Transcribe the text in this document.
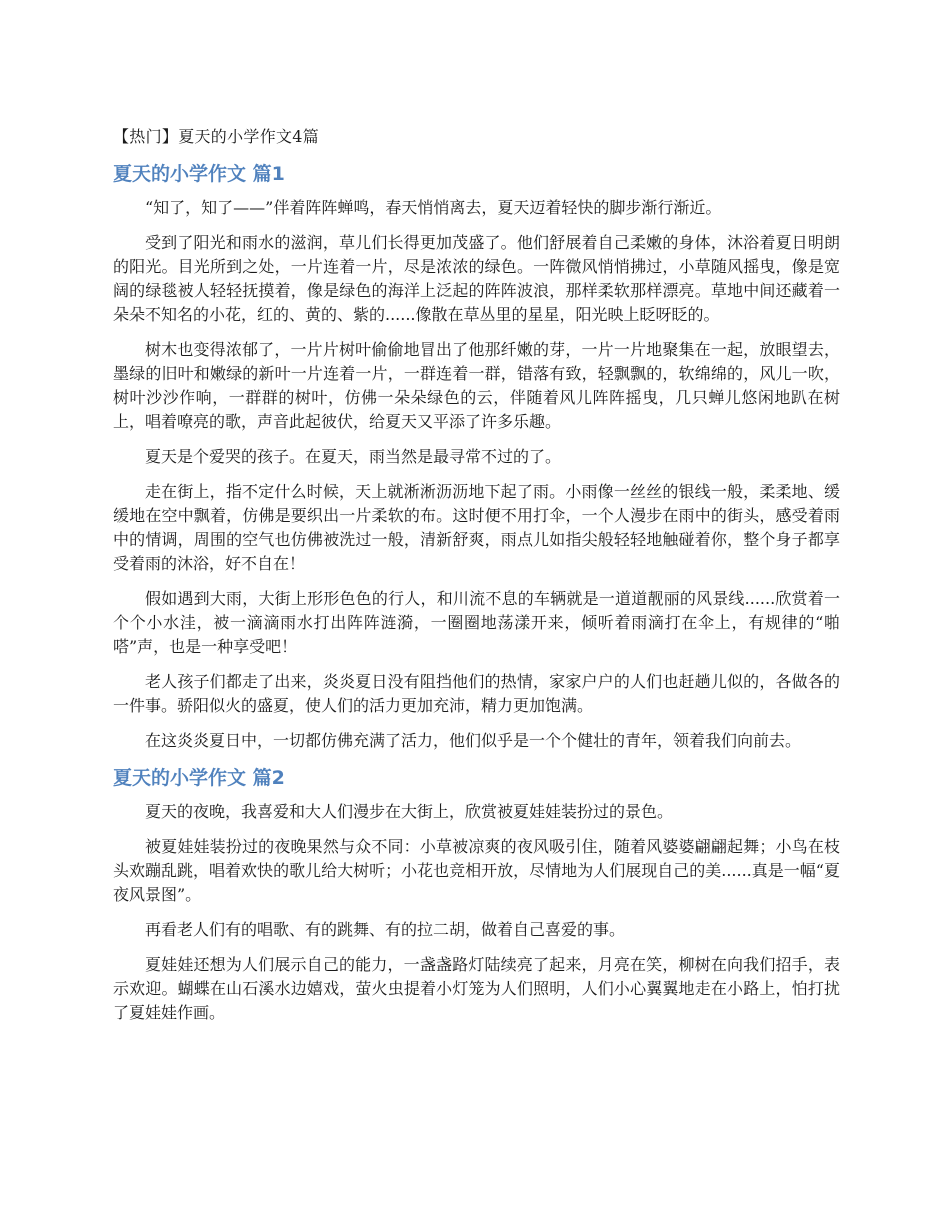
【热门】夏天的小学作文4篇
夏天的小学作文 篇1

“知了，知了——”伴着阵阵蝉鸣，春天悄悄离去，夏天迈着轻快的脚步渐行渐近。

受到了阳光和雨水的滋润，草儿们长得更加茂盛了。他们舒展着自己柔嫩的身体，沐浴着夏日明朗的阳光。目光所到之处，一片连着一片，尽是浓浓的绿色。一阵微风悄悄拂过，小草随风摇曳，像是宽阔的绿毯被人轻轻抚摸着，像是绿色的海洋上泛起的阵阵波浪，那样柔软那样漂亮。草地中间还藏着一朵朵不知名的小花，红的、黄的、紫的......像散在草丛里的星星，阳光映上眨呀眨的。

树木也变得浓郁了，一片片树叶偷偷地冒出了他那纤嫩的芽，一片一片地聚集在一起，放眼望去，墨绿的旧叶和嫩绿的新叶一片连着一片，一群连着一群，错落有致，轻飘飘的，软绵绵的，风儿一吹，树叶沙沙作响，一群群的树叶，仿佛一朵朵绿色的云，伴随着风儿阵阵摇曳，几只蝉儿悠闲地趴在树上，唱着嘹亮的歌，声音此起彼伏，给夏天又平添了许多乐趣。

夏天是个爱哭的孩子。在夏天，雨当然是最寻常不过的了。

走在街上，指不定什么时候，天上就淅淅沥沥地下起了雨。小雨像一丝丝的银线一般，柔柔地、缓缓地在空中飘着，仿佛是要织出一片柔软的布。这时便不用打伞，一个人漫步在雨中的街头，感受着雨中的情调，周围的空气也仿佛被洗过一般，清新舒爽，雨点儿如指尖般轻轻地触碰着你，整个身子都享受着雨的沐浴，好不自在！

假如遇到大雨，大街上形形色色的行人，和川流不息的车辆就是一道道靓丽的风景线......欣赏着一个个小水洼，被一滴滴雨水打出阵阵涟漪，一圈圈地荡漾开来，倾听着雨滴打在伞上，有规律的“啪嗒”声，也是一种享受吧！

老人孩子们都走了出来，炎炎夏日没有阻挡他们的热情，家家户户的人们也赶趟儿似的，各做各的一件事。骄阳似火的盛夏，使人们的活力更加充沛，精力更加饱满。

在这炎炎夏日中，一切都仿佛充满了活力，他们似乎是一个个健壮的青年，领着我们向前去。

夏天的小学作文 篇2

夏天的夜晚，我喜爱和大人们漫步在大街上，欣赏被夏娃娃装扮过的景色。

被夏娃娃装扮过的夜晚果然与众不同：小草被凉爽的夜风吸引住，随着风婆婆翩翩起舞；小鸟在枝头欢蹦乱跳，唱着欢快的歌儿给大树听；小花也竞相开放，尽情地为人们展现自己的美......真是一幅“夏夜风景图”。

再看老人们有的唱歌、有的跳舞、有的拉二胡，做着自己喜爱的事。

夏娃娃还想为人们展示自己的能力，一盏盏路灯陆续亮了起来，月亮在笑，柳树在向我们招手，表示欢迎。蝴蝶在山石溪水边嬉戏，萤火虫提着小灯笼为人们照明，人们小心翼翼地走在小路上，怕打扰了夏娃娃作画。
